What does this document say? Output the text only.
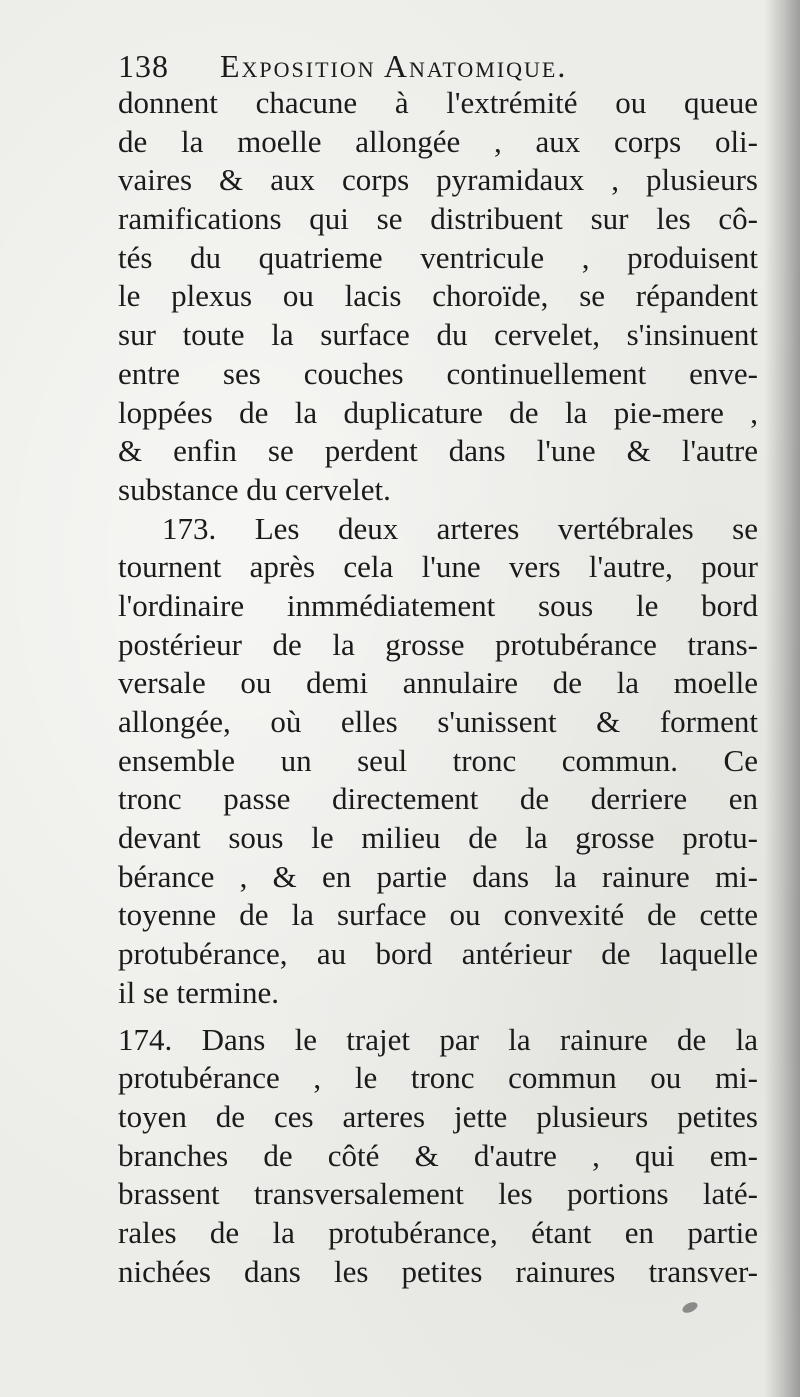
138 Exposition Anatomique.
donnent chacune à l'extrémité ou queue
de la moelle allongée , aux corps oli-
vaires & aux corps pyramidaux , plusieurs
ramifications qui se distribuent sur les cô-
tés du quatrieme ventricule , produisent
le plexus ou lacis choroïde, se répandent
sur toute la surface du cervelet, s'insinuent
entre ses couches continuellement enve-
loppées de la duplicature de la pie-mere ,
& enfin se perdent dans l'une & l'autre
substance du cervelet.
173. Les deux arteres vertébrales se
tournent après cela l'une vers l'autre, pour
l'ordinaire inmmédiatement sous le bord
postérieur de la grosse protubérance trans-
versale ou demi annulaire de la moelle
allongée, où elles s'unissent & forment
ensemble un seul tronc commun. Ce
tronc passe directement de derriere en
devant sous le milieu de la grosse protu-
bérance , & en partie dans la rainure mi-
toyenne de la surface ou convexité de cette
protubérance, au bord antérieur de laquelle
il se termine.
174. Dans le trajet par la rainure de la
protubérance , le tronc commun ou mi-
toyen de ces arteres jette plusieurs petites
branches de côté & d'autre , qui em-
brassent transversalement les portions laté-
rales de la protubérance, étant en partie
nichées dans les petites rainures transver-
